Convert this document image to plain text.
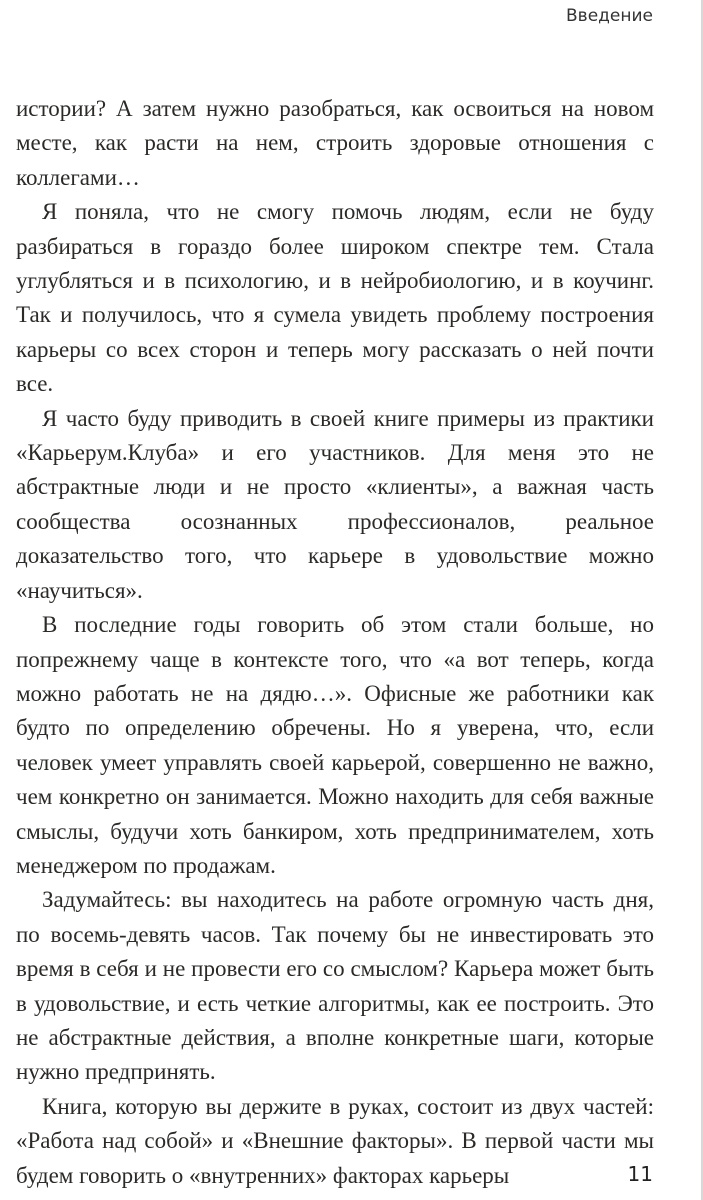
Введение

истории? А затем нужно разобраться, как освоиться на новом месте, как расти на нем, строить здоровые отношения с коллегами…

Я поняла, что не смогу помочь людям, если не буду разбираться в гораздо более широком спектре тем. Стала углубляться и в психологию, и в нейробиологию, и в коучинг. Так и получилось, что я сумела увидеть проблему построения карьеры со всех сторон и теперь могу рассказать о ней почти все.

Я часто буду приводить в своей книге примеры из практики «Карьерум.Клуба» и его участников. Для меня это не абстрактные люди и не просто «клиенты», а важная часть сообщества осознанных профессионалов, реальное доказательство того, что карьере в удовольствие можно «научиться».

В последние годы говорить об этом стали больше, но попрежнему чаще в контексте того, что «а вот теперь, когда можно работать не на дядю…». Офисные же работники как будто по определению обречены. Но я уверена, что, если человек умеет управлять своей карьерой, совершенно не важно, чем конкретно он занимается. Можно находить для себя важные смыслы, будучи хоть банкиром, хоть предпринимателем, хоть менеджером по продажам.

Задумайтесь: вы находитесь на работе огромную часть дня, по восемь-девять часов. Так почему бы не инвестировать это время в себя и не провести его со смыслом? Карьера может быть в удовольствие, и есть четкие алгоритмы, как ее построить. Это не абстрактные действия, а вполне конкретные шаги, которые нужно предпринять.

Книга, которую вы держите в руках, состоит из двух частей: «Работа над собой» и «Внешние факторы». В первой части мы будем говорить о «внутренних» факторах карьеры	11
